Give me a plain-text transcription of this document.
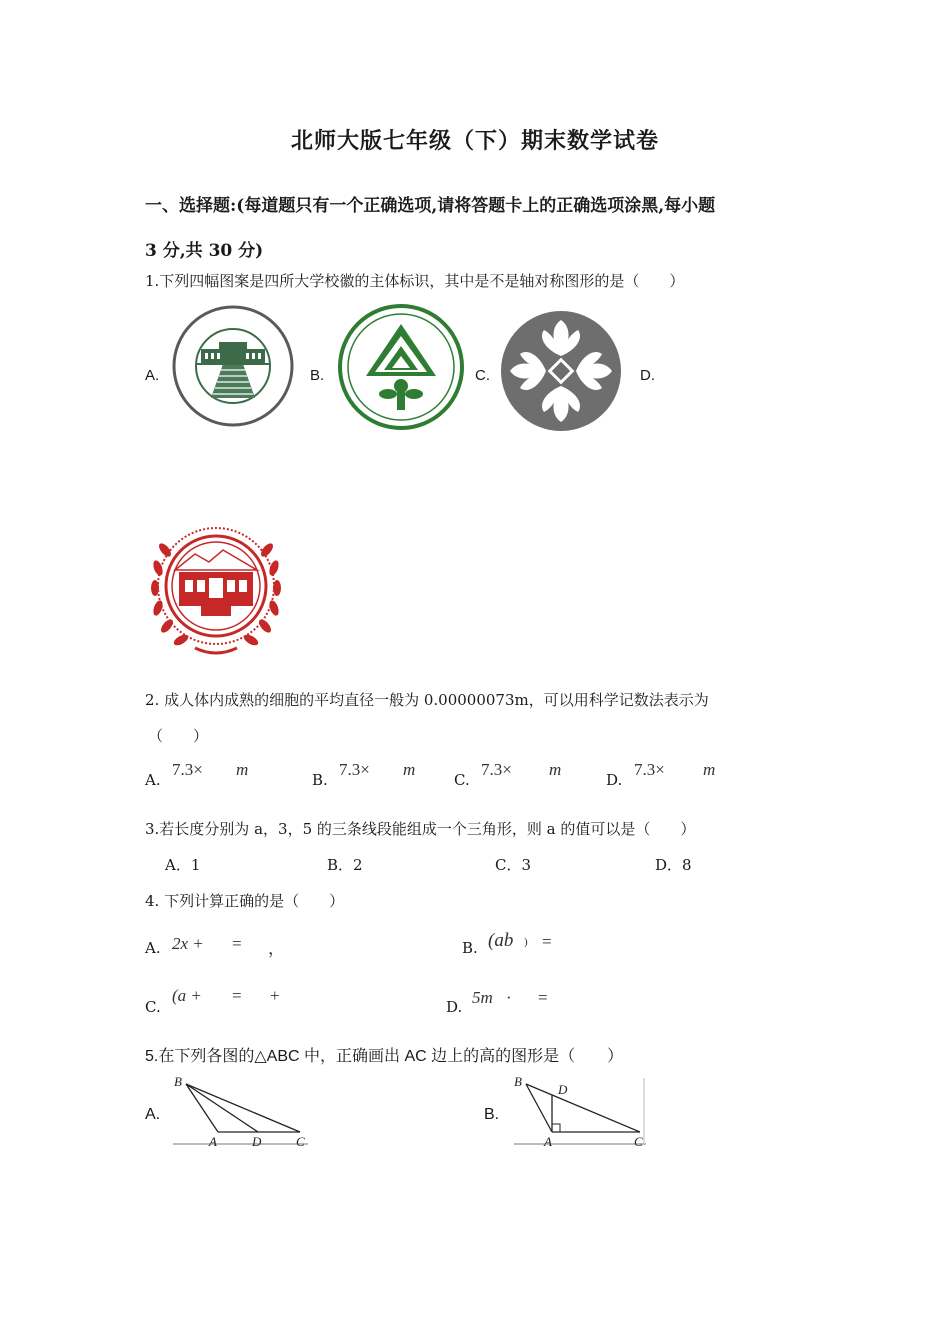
北师大版七年级（下）期末数学试卷
一、选择题:(每道题只有一个正确选项,请将答题卡上的正确选项涂黑,每小题
3 分,共 30 分)
1.下列四幅图案是四所大学校徽的主体标识，其中是不是轴对称图形的是（　　）
A.	B.	C.	D.
2. 成人体内成熟的细胞的平均直径一般为 0.00000073m，可以用科学记数法表示为
（　　）
A.
7.3× m
B.
7.3× m
C.
7.3× m
D.
7.3× m
3.若长度分别为 a，3，5 的三条线段能组成一个三角形，则 a 的值可以是（　　）
A．1	B．2	C．3	D．8
4. 下列计算正确的是（　　）
A. 2x + = ，	B. (ab ) =
C.
(a + = +
D. 5m · =
5.在下列各图的△ABC 中，正确画出 AC 边上的高的图形是（　　）
A.
B
A	D	C
B.
B
D
A	C
